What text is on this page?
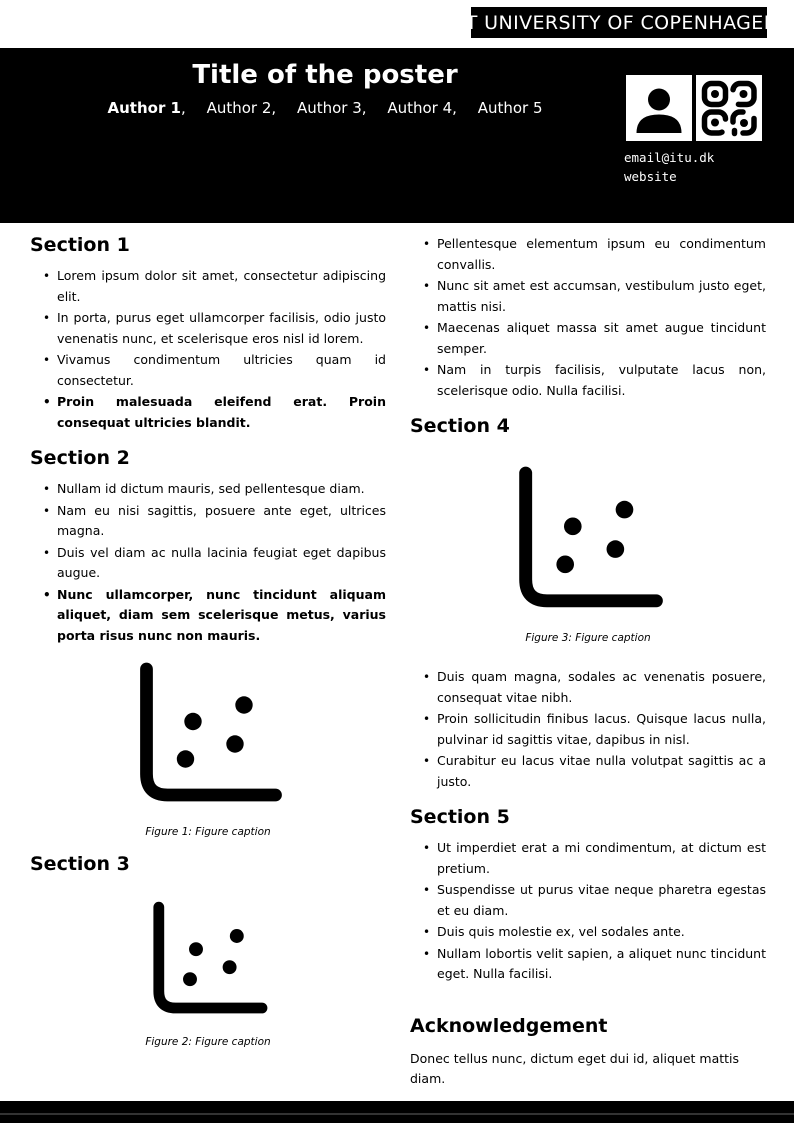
IT UNIVERSITY OF COPENHAGEN
Title of the poster
Author 1, Author 2, Author 3, Author 4, Author 5
email@itu.dk
website
Section 1
• Lorem ipsum dolor sit amet, consectetur adipiscing elit.
• In porta, purus eget ullamcorper facilisis, odio justo venenatis nunc, et scelerisque eros nisl id lorem.
• Vivamus condimentum ultricies quam id consectetur.
• Proin malesuada eleifend erat. Proin consequat ultricies blandit.
Section 2
• Nullam id dictum mauris, sed pellentesque diam.
• Nam eu nisi sagittis, posuere ante eget, ultrices magna.
• Duis vel diam ac nulla lacinia feugiat eget dapibus augue.
• Nunc ullamcorper, nunc tincidunt aliquam aliquet, diam sem scelerisque metus, varius porta risus nunc non mauris.
Figure 1: Figure caption
Section 3
Figure 2: Figure caption
• Pellentesque elementum ipsum eu condimentum convallis.
• Nunc sit amet est accumsan, vestibulum justo eget, mattis nisi.
• Maecenas aliquet massa sit amet augue tincidunt semper.
• Nam in turpis facilisis, vulputate lacus non, scelerisque odio. Nulla facilisi.
Section 4
Figure 3: Figure caption
• Duis quam magna, sodales ac venenatis posuere, consequat vitae nibh.
• Proin sollicitudin finibus lacus. Quisque lacus nulla, pulvinar id sagittis vitae, dapibus in nisl.
• Curabitur eu lacus vitae nulla volutpat sagittis ac a justo.
Section 5
• Ut imperdiet erat a mi condimentum, at dictum est pretium.
• Suspendisse ut purus vitae neque pharetra egestas et eu diam.
• Duis quis molestie ex, vel sodales ante.
• Nullam lobortis velit sapien, a aliquet nunc tincidunt eget. Nulla facilisi.
Acknowledgement

Donec tellus nunc, dictum eget dui id, aliquet mattis diam.
